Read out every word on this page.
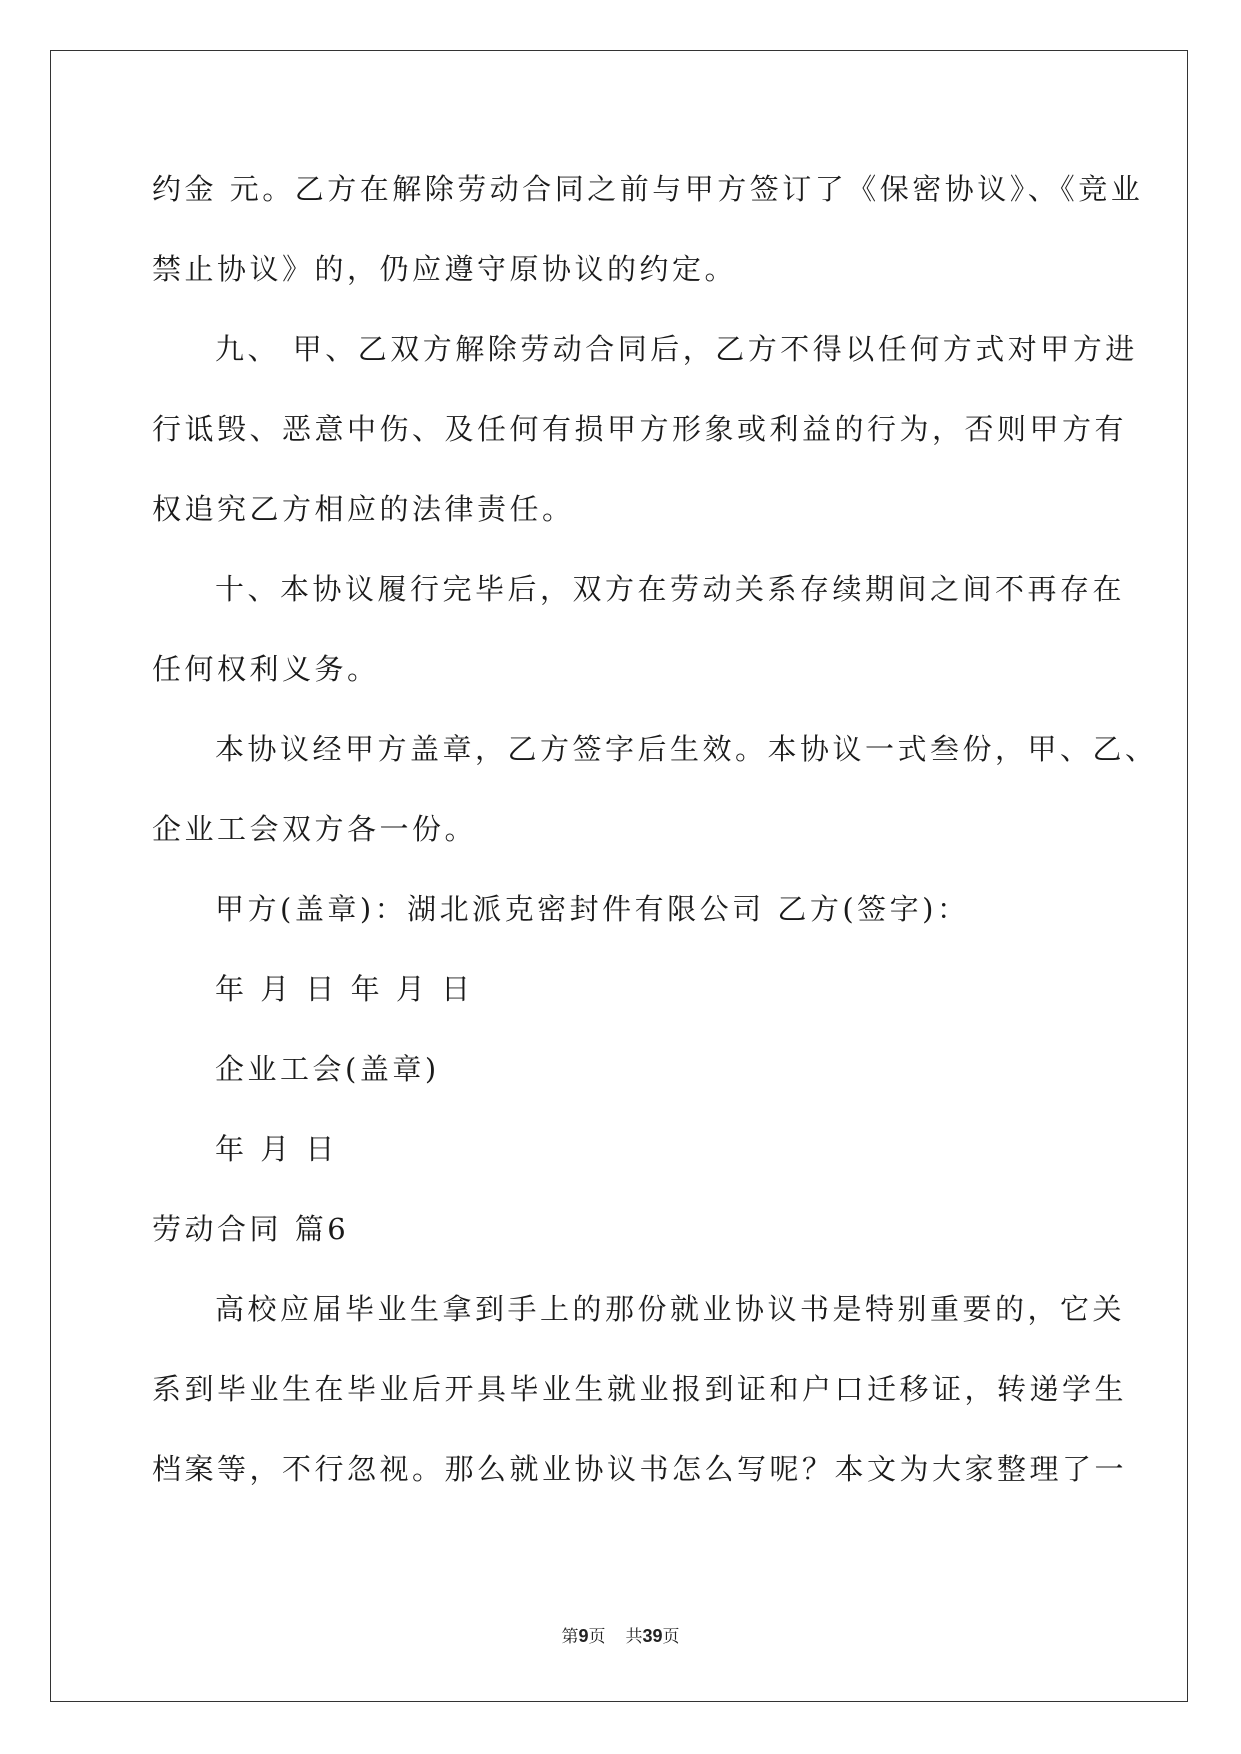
约金 元。乙方在解除劳动合同之前与甲方签订了《保密协议》、《竞业
禁止协议》的，仍应遵守原协议的约定。
九、 甲、乙双方解除劳动合同后，乙方不得以任何方式对甲方进
行诋毁、恶意中伤、及任何有损甲方形象或利益的行为，否则甲方有
权追究乙方相应的法律责任。
十、本协议履行完毕后，双方在劳动关系存续期间之间不再存在
任何权利义务。
本协议经甲方盖章，乙方签字后生效。本协议一式叁份，甲、乙、
企业工会双方各一份。
甲方(盖章)：湖北派克密封件有限公司 乙方(签字)：
年 月 日 年 月 日
企业工会(盖章)
年 月 日
劳动合同 篇6
高校应届毕业生拿到手上的那份就业协议书是特别重要的，它关
系到毕业生在毕业后开具毕业生就业报到证和户口迁移证，转递学生
档案等，不行忽视。那么就业协议书怎么写呢？本文为大家整理了一
第9页 共39页
